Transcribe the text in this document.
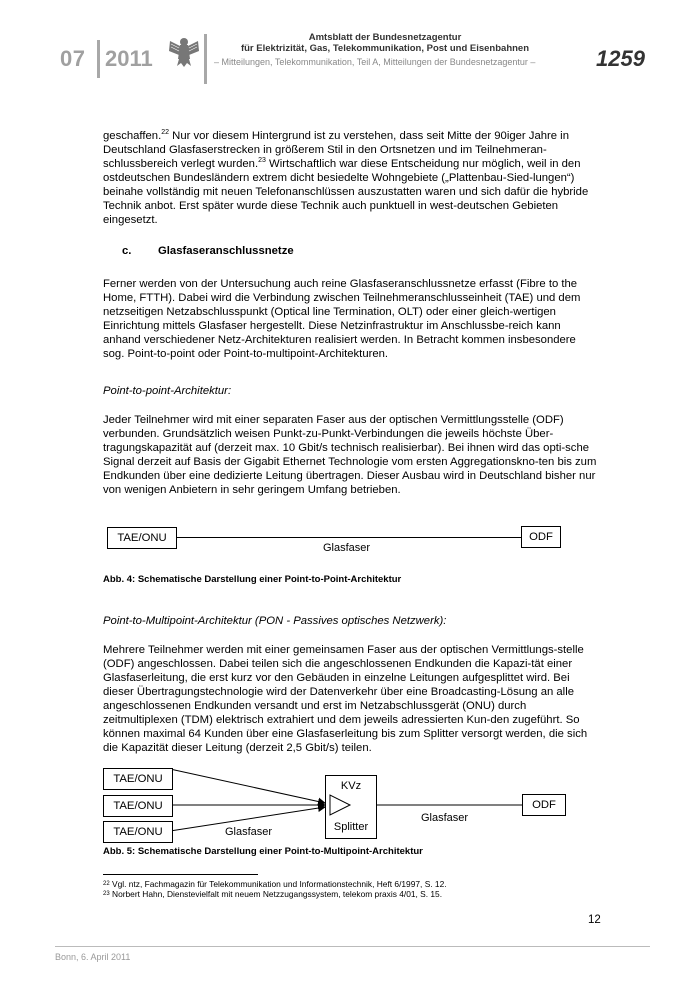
07 2011
Amtsblatt der Bundesnetzagentur
für Elektrizität, Gas, Telekommunikation, Post und Eisenbahnen
– Mitteilungen, Telekommunikation, Teil A, Mitteilungen der Bundesnetzagentur –	1259
geschaffen.$^{22}$ Nur vor diesem Hintergrund ist zu verstehen, dass seit Mitte der 90iger Jahre in Deutschland Glasfaserstrecken in größerem Stil in den Ortsnetzen und im Teilnehmeran-schlussbereich verlegt wurden.$^{23}$ Wirtschaftlich war diese Entscheidung nur möglich, weil in den ostdeutschen Bundesländern extrem dicht besiedelte Wohngebiete („Plattenbau-Sied-lungen“) beinahe vollständig mit neuen Telefonanschlüssen auszustatten waren und sich dafür die hybride Technik anbot. Erst später wurde diese Technik auch punktuell in west-deutschen Gebieten eingesetzt.
c. Glasfaseranschlussnetze
Ferner werden von der Untersuchung auch reine Glasfaseranschlussnetze erfasst (Fibre to the Home, FTTH). Dabei wird die Verbindung zwischen Teilnehmeranschlusseinheit (TAE) und dem netzseitigen Netzabschlusspunkt (Optical line Termination, OLT) oder einer gleich-wertigen Einrichtung mittels Glasfaser hergestellt. Diese Netzinfrastruktur im Anschlussbe-reich kann anhand verschiedener Netz-Architekturen realisiert werden. In Betracht kommen insbesondere sog. Point-to-point oder Point-to-multipoint-Architekturen.
Point-to-point-Architektur:
Jeder Teilnehmer wird mit einer separaten Faser aus der optischen Vermittlungsstelle (ODF) verbunden. Grundsätzlich weisen Punkt-zu-Punkt-Verbindungen die jeweils höchste Über-tragungskapazität auf (derzeit max. 10 Gbit/s technisch realisierbar). Bei ihnen wird das opti-sche Signal derzeit auf Basis der Gigabit Ethernet Technologie vom ersten Aggregationskno-ten bis zum Endkunden über eine dedizierte Leitung übertragen. Dieser Ausbau wird in Deutschland bisher nur von wenigen Anbietern in sehr geringem Umfang betrieben.
TAE/ONU	ODF
Glasfaser
Abb. 4: Schematische Darstellung einer Point-to-Point-Architektur
Point-to-Multipoint-Architektur (PON - Passives optisches Netzwerk):
Mehrere Teilnehmer werden mit einer gemeinsamen Faser aus der optischen Vermittlungs-stelle (ODF) angeschlossen. Dabei teilen sich die angeschlossenen Endkunden die Kapazi-tät einer Glasfaserleitung, die erst kurz vor den Gebäuden in einzelne Leitungen aufgesplittet wird. Bei dieser Übertragungstechnologie wird der Datenverkehr über eine Broadcasting-Lösung an alle angeschlossenen Endkunden versandt und erst im Netzabschlussgerät (ONU) durch zeitmultiplexen (TDM) elektrisch extrahiert und dem jeweils adressierten Kun-den zugeführt. So können maximal 64 Kunden über eine Glasfaserleitung bis zum Splitter versorgt werden, die sich die Kapazität dieser Leitung (derzeit 2,5 Gbit/s) teilen.
TAE/ONU
TAE/ONU
TAE/ONU
KVz
Splitter
ODF
Glasfaser
Glasfaser
Abb. 5: Schematische Darstellung einer Point-to-Multipoint-Architektur
$^{22}$ Vgl. ntz, Fachmagazin für Telekommunikation und Informationstechnik, Heft 6/1997, S. 12.
$^{23}$ Norbert Hahn, Dienstevielfalt mit neuem Netzzugangssystem, telekom praxis 4/01, S. 15.
12
Bonn, 6. April 2011
